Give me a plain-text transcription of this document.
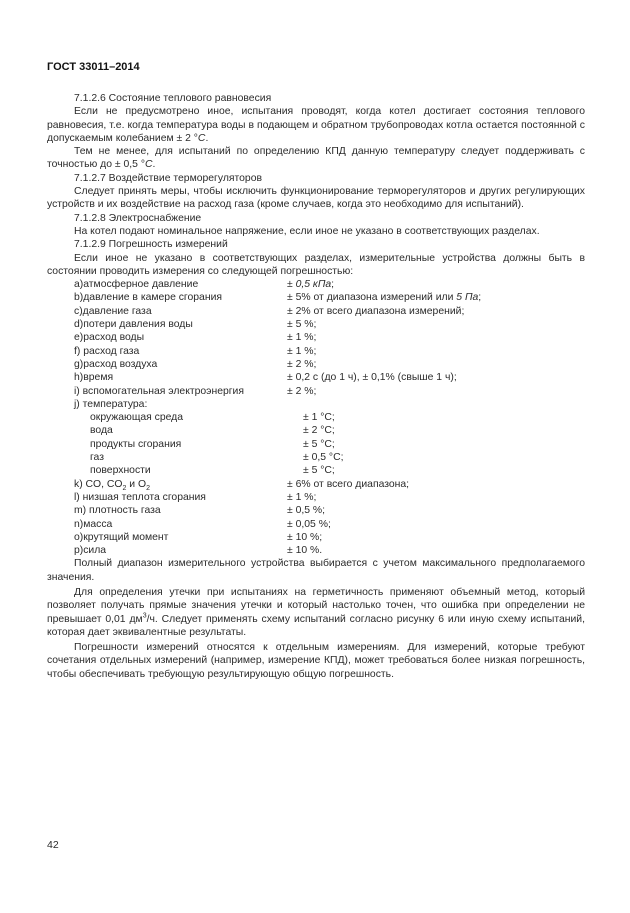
ГОСТ 33011–2014

7.1.2.6 Состояние теплового равновесия

Если не предусмотрено иное, испытания проводят, когда котел достигает состояния теплового равновесия, т.е. когда температура воды в подающем и обратном трубопроводах котла остается постоянной с допускаемым колебанием ± 2 °C.

Тем не менее, для испытаний по определению КПД данную температуру следует поддерживать с точностью до ± 0,5 °C.

7.1.2.7 Воздействие терморегуляторов

Следует принять меры, чтобы исключить функционирование терморегуляторов и других регулирующих устройств и их воздействие на расход газа (кроме случаев, когда это необходимо для испытаний).

7.1.2.8 Электроснабжение

На котел подают номинальное напряжение, если иное не указано в соответствующих разделах.

7.1.2.9 Погрешность измерений

Если иное не указано в соответствующих разделах, измерительные устройства должны быть в состоянии проводить измерения со следующей погрешностью:

a)атмосферное давление	± 0,5 кПа;
b)давление в камере сгорания	± 5% от диапазона измерений или 5 Па;
c)давление газа	± 2% от всего диапазона измерений;
d)потери давления воды	± 5 %;
e)расход воды	± 1 %;
f) расход газа	± 1 %;
g)расход воздуха	± 2 %;
h)время	± 0,2 с (до 1 ч), ± 0,1% (свыше 1 ч);
i) вспомогательная электроэнергия	± 2 %;
j) температура:
окружающая среда	± 1 °C;
вода	± 2 °C;
продукты сгорания	± 5 °C;
газ	± 0,5 °C;
поверхности	± 5 °C;
k) CO, $CO_2$ и $O_2$	± 6% от всего диапазона;
l) низшая теплота сгорания	± 1 %;
m) плотность газа	± 0,5 %;
n)масса	± 0,05 %;
o)крутящий момент	± 10 %;
p)сила	± 10 %.

Полный диапазон измерительного устройства выбирается с учетом максимального предполагаемого значения.

Для определения утечки при испытаниях на герметичность применяют объемный метод, который позволяет получать прямые значения утечки и который настолько точен, что ошибка при определении не превышает 0,01 $дм^3/ч$. Следует применять схему испытаний согласно рисунку 6 или иную схему испытаний, которая дает эквивалентные результаты.

Погрешности измерений относятся к отдельным измерениям. Для измерений, которые требуют сочетания отдельных измерений (например, измерение КПД), может требоваться более низкая погрешность, чтобы обеспечивать требующую результирующую общую погрешность.

42
